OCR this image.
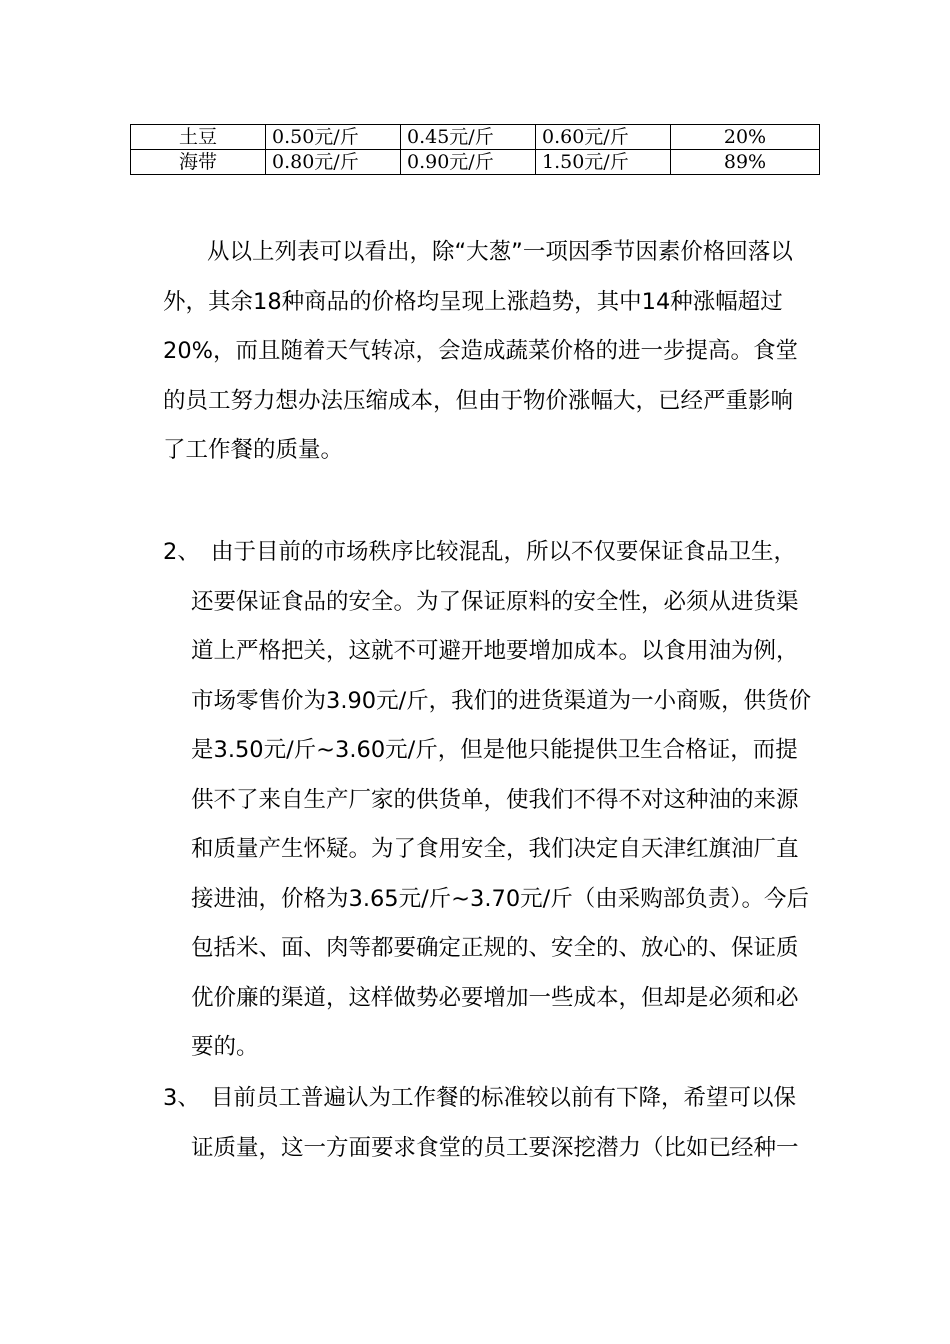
土豆	0.50元/斤	0.45元/斤	0.60元/斤	20%
海带	0.80元/斤	0.90元/斤	1.50元/斤	89%

从以上列表可以看出，除“大葱”一项因季节因素价格回落以外，其余18种商品的价格均呈现上涨趋势，其中14种涨幅超过20%，而且随着天气转凉，会造成蔬菜价格的进一步提高。食堂的员工努力想办法压缩成本，但由于物价涨幅大，已经严重影响了工作餐的质量。

2、 由于目前的市场秩序比较混乱，所以不仅要保证食品卫生，还要保证食品的安全。为了保证原料的安全性，必须从进货渠道上严格把关，这就不可避开地要增加成本。以食用油为例，市场零售价为3.90元/斤，我们的进货渠道为一小商贩，供货价是3.50元/斤~3.60元/斤，但是他只能提供卫生合格证，而提供不了来自生产厂家的供货单，使我们不得不对这种油的来源和质量产生怀疑。为了食用安全，我们决定自天津红旗油厂直接进油，价格为3.65元/斤~3.70元/斤（由采购部负责）。今后包括米、面、肉等都要确定正规的、安全的、放心的、保证质优价廉的渠道，这样做势必要增加一些成本，但却是必须和必要的。
3、 目前员工普遍认为工作餐的标准较以前有下降，希望可以保证质量，这一方面要求食堂的员工要深挖潜力（比如已经种一
